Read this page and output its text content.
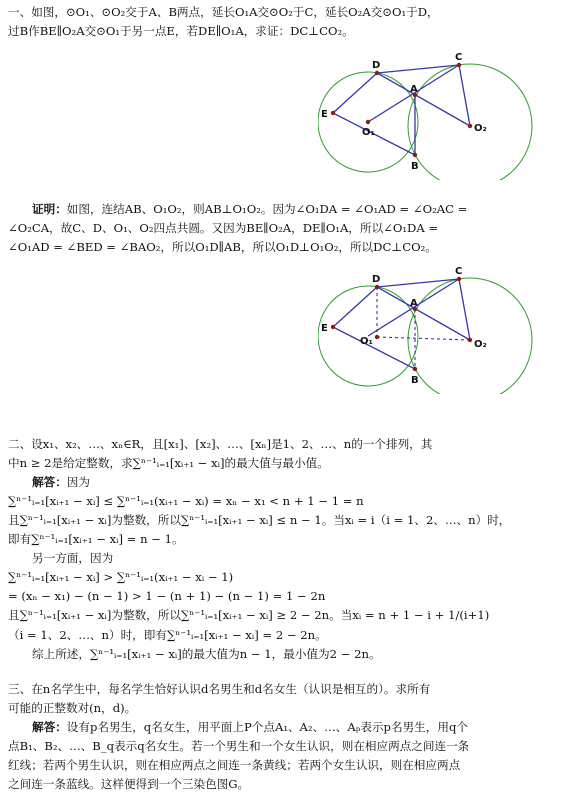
一、如图，⊙O₁、⊙O₂交于A、B两点，延长O₁A交⊙O₂于C，延长O₂A交⊙O₁于D，
过B作BE∥O₂A交⊙O₁于另一点E，若DE∥O₁A，求证：DC⊥CO₂。
A
B
C
D
E
O₁	O₂
证明：如图，连结AB、O₁O₂，则AB⊥O₁O₂。因为∠O₁DA = ∠O₁AD = ∠O₂AC =
∠O₂CA，故C、D、O₁、O₂四点共圆。又因为BE∥O₂A，DE∥O₁A，所以∠O₁DA =
∠O₁AD = ∠BED = ∠BAO₂，所以O₁D∥AB，所以O₁D⊥O₁O₂，所以DC⊥CO₂。
A
B
C
D
E
O₁	O₂
二、设x₁、x₂、…、xₙ∈R，且[x₁]、[x₂]、…、[xₙ]是1、2、…、n的一个排列，其
中n ≥ 2是给定整数，求∑ⁿ⁻¹ᵢ₌₁[xᵢ₊₁ − xᵢ]的最大值与最小值。
解答：因为
∑ⁿ⁻¹ᵢ₌₁[xᵢ₊₁ − xᵢ] ≤ ∑ⁿ⁻¹ᵢ₌₁(xᵢ₊₁ − xᵢ) = xₙ − x₁ < n + 1 − 1 = n
且∑ⁿ⁻¹ᵢ₌₁[xᵢ₊₁ − xᵢ]为整数，所以∑ⁿ⁻¹ᵢ₌₁[xᵢ₊₁ − xᵢ] ≤ n − 1。当xᵢ = i（i = 1、2、…、n）时，
即有∑ⁿ⁻¹ᵢ₌₁[xᵢ₊₁ − xᵢ] = n − 1。
另一方面，因为
∑ⁿ⁻¹ᵢ₌₁[xᵢ₊₁ − xᵢ] > ∑ⁿ⁻¹ᵢ₌₁(xᵢ₊₁ − xᵢ − 1)
= (xₙ − x₁) − (n − 1) > 1 − (n + 1) − (n − 1) = 1 − 2n
且∑ⁿ⁻¹ᵢ₌₁[xᵢ₊₁ − xᵢ]为整数，所以∑ⁿ⁻¹ᵢ₌₁[xᵢ₊₁ − xᵢ] ≥ 2 − 2n。当xᵢ = n + 1 − i + 1/(i+1)
（i = 1、2、…、n）时，即有∑ⁿ⁻¹ᵢ₌₁[xᵢ₊₁ − xᵢ] = 2 − 2n。
综上所述，∑ⁿ⁻¹ᵢ₌₁[xᵢ₊₁ − xᵢ]的最大值为n − 1，最小值为2 − 2n。
三、在n名学生中，每名学生恰好认识d名男生和d名女生（认识是相互的）。求所有
可能的正整数对(n，d)。
解答：设有p名男生，q名女生，用平面上P个点A₁、A₂、…、Aₚ表示p名男生，用q个
点B₁、B₂、…、B_q表示q名女生。若一个男生和一个女生认识，则在相应两点之间连一条
红线；若两个男生认识，则在相应两点之间连一条黄线；若两个女生认识，则在相应两点
之间连一条蓝线。这样便得到一个三染色图G。
